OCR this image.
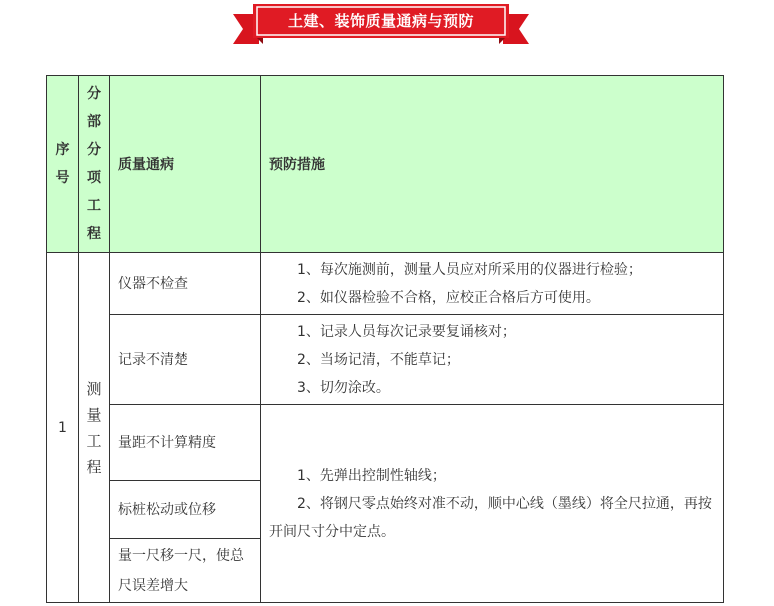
土建、装饰质量通病与预防
序号	分部分项工程	质量通病	预防措施
1	测量工程	仪器不检查	1、每次施测前，测量人员应对所采用的仪器进行检验；

2、如仪器检验不合格，应校正合格后方可使用。

		记录不清楚	1、记录人员每次记录要复诵核对；

2、当场记清，不能草记；

3、切勿涂改。

		量距不计算精度	1、先弹出控制性轴线；

2、将钢尺零点始终对准不动，顺中心线（墨线）将全尺拉通，再按开间尺寸分中定点。

		标桩松动或位移	
		量一尺移一尺，使总尺误差增大	
